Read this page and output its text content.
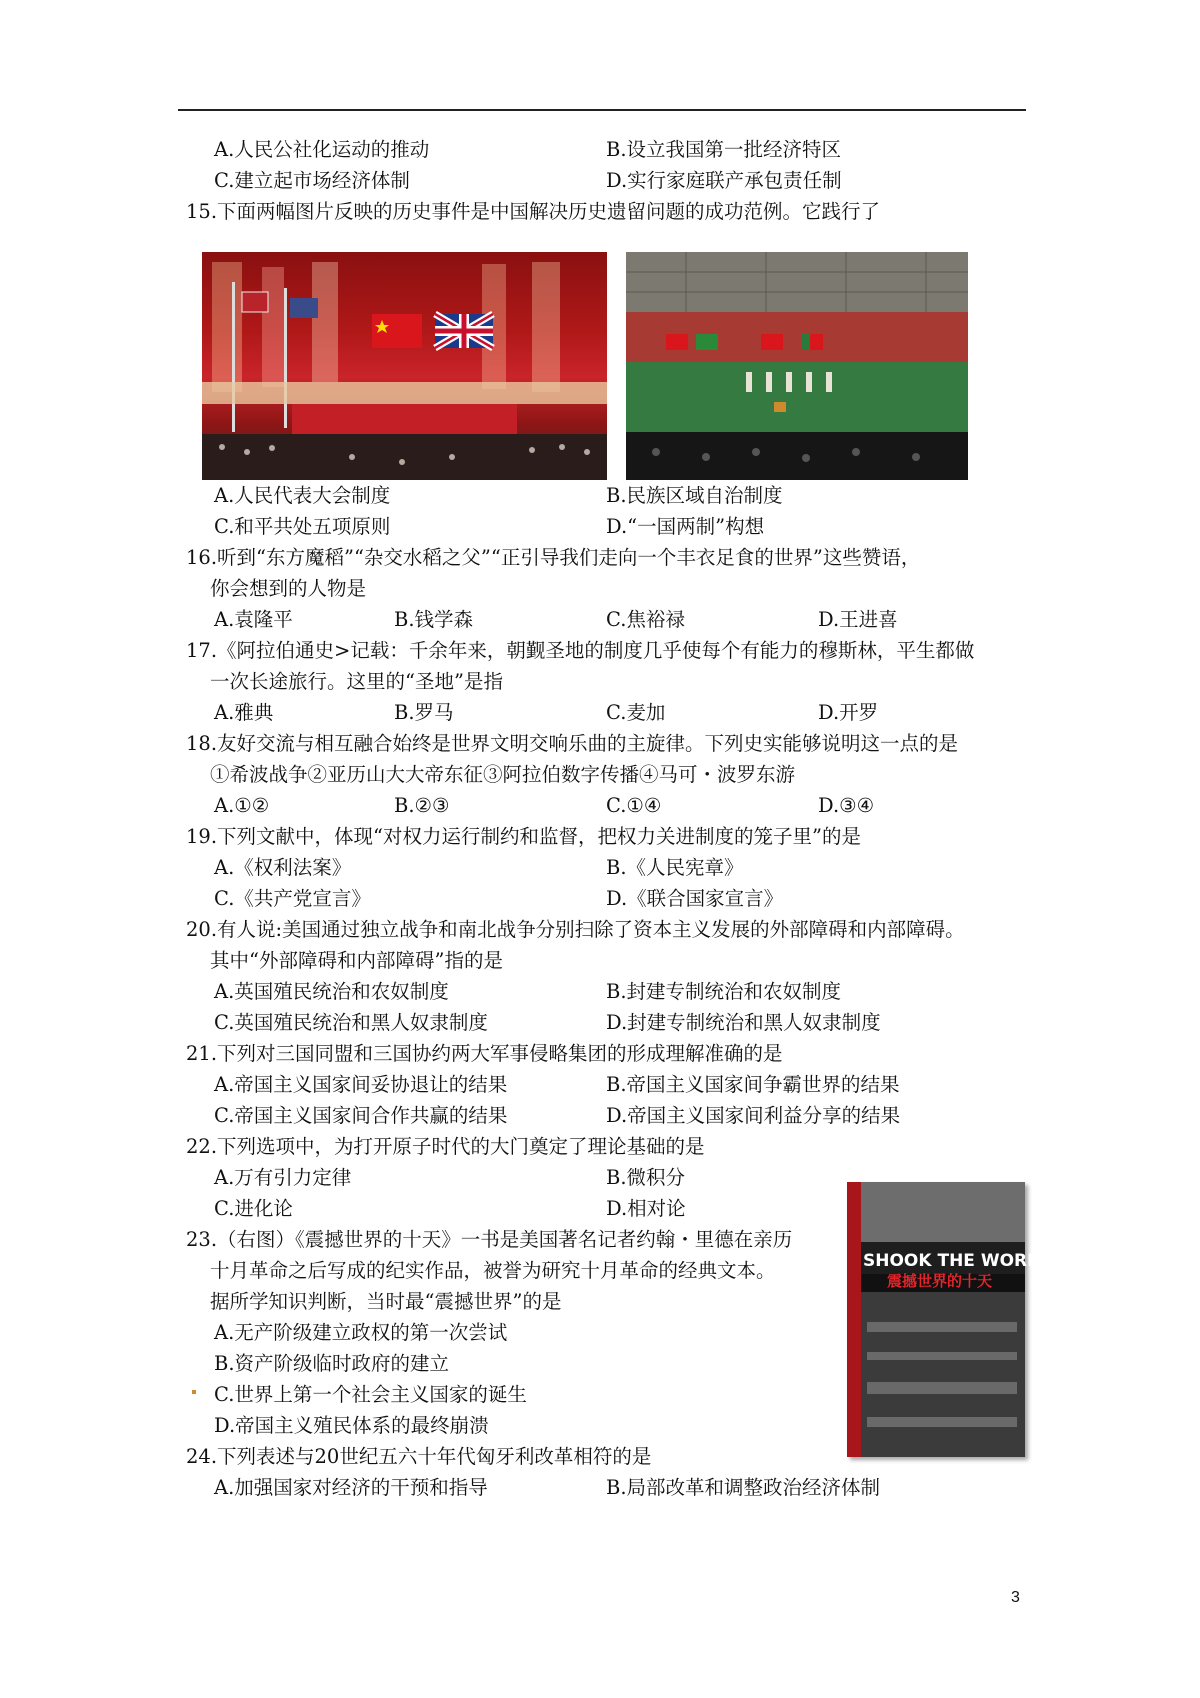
A.人民公社化运动的推动	B.设立我国第一批经济特区
C.建立起市场经济体制	D.实行家庭联产承包责任制
15.下面两幅图片反映的历史事件是中国解决历史遗留问题的成功范例。它践行了
A.人民代表大会制度	B.民族区域自治制度
C.和平共处五项原则	D.“一国两制”构想
16.听到“东方魔稻”“杂交水稻之父”“正引导我们走向一个丰衣足食的世界”这些赞语，
你会想到的人物是
A.袁隆平	B.钱学森	C.焦裕禄	D.王进喜
17.《阿拉伯通史>记载：千余年来，朝觐圣地的制度几乎使每个有能力的穆斯林，平生都做
一次长途旅行。这里的“圣地”是指
A.雅典	B.罗马	C.麦加	D.开罗
18.友好交流与相互融合始终是世界文明交响乐曲的主旋律。下列史实能够说明这一点的是
①希波战争②亚历山大大帝东征③阿拉伯数字传播④马可・波罗东游
A.①②	B.②③	C.①④	D.③④
19.下列文献中，体现“对权力运行制约和监督，把权力关进制度的笼子里”的是
A.《权利法案》	B.《人民宪章》
C.《共产党宣言》	D.《联合国家宣言》
20.有人说:美国通过独立战争和南北战争分别扫除了资本主义发展的外部障碍和内部障碍。
其中“外部障碍和内部障碍”指的是
A.英国殖民统治和农奴制度	B.封建专制统治和农奴制度
C.英国殖民统治和黑人奴隶制度	D.封建专制统治和黑人奴隶制度
21.下列对三国同盟和三国协约两大军事侵略集团的形成理解准确的是
A.帝国主义国家间妥协退让的结果	B.帝国主义国家间争霸世界的结果
C.帝国主义国家间合作共赢的结果	D.帝国主义国家间利益分享的结果
22.下列选项中，为打开原子时代的大门奠定了理论基础的是
A.万有引力定律	B.微积分
C.进化论	D.相对论
23.（右图）《震撼世界的十天》一书是美国著名记者约翰・里德在亲历
十月革命之后写成的纪实作品，被誉为研究十月革命的经典文本。
据所学知识判断，当时最“震撼世界”的是
A.无产阶级建立政权的第一次尝试
B.资产阶级临时政府的建立
C.世界上第一个社会主义国家的诞生
D.帝国主义殖民体系的最终崩溃
24.下列表述与20世纪五六十年代匈牙利改革相符的是
A.加强国家对经济的干预和指导	B.局部改革和调整政治经济体制
SHOOK THE WORLD
震撼世界的十天
3
